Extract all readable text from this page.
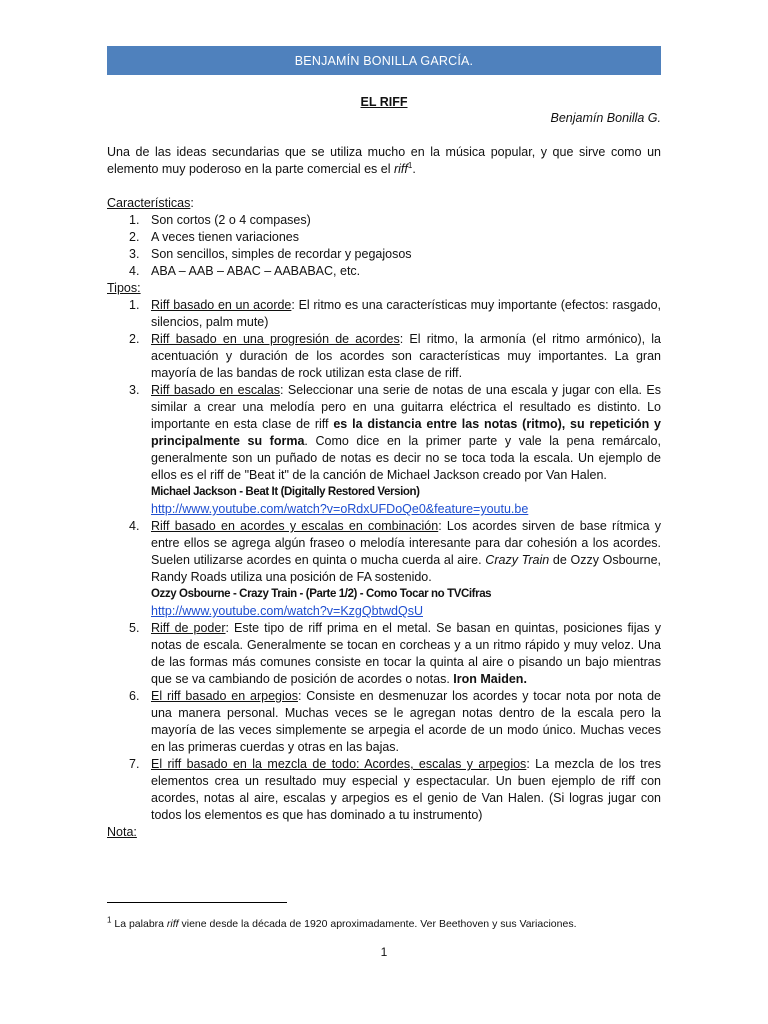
BENJAMÍN BONILLA GARCÍA.
EL RIFF
Benjamín Bonilla G.

Una de las ideas secundarias que se utiliza mucho en la música popular, y que sirve como un elemento muy poderoso en la parte comercial es el riff$^1$.

Características:

1. Son cortos (2 o 4 compases)
2. A veces tienen variaciones
3. Son sencillos, simples de recordar y pegajosos
4. ABA – AAB – ABAC – AABABAC, etc.

Tipos:

1. Riff basado en un acorde: El ritmo es una características muy importante (efectos: rasgado, silencios, palm mute)
2. Riff basado en una progresión de acordes: El ritmo, la armonía (el ritmo armónico), la acentuación y duración de los acordes son características muy importantes. La gran mayoría de las bandas de rock utilizan esta clase de riff.
3. Riff basado en escalas: Seleccionar una serie de notas de una escala y jugar con ella. Es similar a crear una melodía pero en una guitarra eléctrica el resultado es distinto. Lo importante en esta clase de riff es la distancia entre las notas (ritmo), su repetición y principalmente su forma. Como dice en la primer parte y vale la pena remárcalo, generalmente son un puñado de notas es decir no se toca toda la escala. Un ejemplo de ellos es el riff de "Beat it" de la canción de Michael Jackson creado por Van Halen.
Michael Jackson - Beat It (Digitally Restored Version)
http://www.youtube.com/watch?v=oRdxUFDoQe0&feature=youtu.be
4. Riff basado en acordes y escalas en combinación: Los acordes sirven de base rítmica y entre ellos se agrega algún fraseo o melodía interesante para dar cohesión a los acordes. Suelen utilizarse acordes en quinta o mucha cuerda al aire. Crazy Train de Ozzy Osbourne, Randy Roads utiliza una posición de FA sostenido.
Ozzy Osbourne - Crazy Train - (Parte 1/2) - Como Tocar no TVCifras
http://www.youtube.com/watch?v=KzgQbtwdQsU
5. Riff de poder: Este tipo de riff prima en el metal. Se basan en quintas, posiciones fijas y notas de escala. Generalmente se tocan en corcheas y a un ritmo rápido y muy veloz. Una de las formas más comunes consiste en tocar la quinta al aire o pisando un bajo mientras que se va cambiando de posición de acordes o notas. Iron Maiden.
6. El riff basado en arpegios: Consiste en desmenuzar los acordes y tocar nota por nota de una manera personal. Muchas veces se le agregan notas dentro de la escala pero la mayoría de las veces simplemente se arpegia el acorde de un modo único. Muchas veces en las primeras cuerdas y otras en las bajas.
7. El riff basado en la mezcla de todo: Acordes, escalas y arpegios: La mezcla de los tres elementos crea un resultado muy especial y espectacular. Un buen ejemplo de riff con acordes, notas al aire, escalas y arpegios es el genio de Van Halen. (Si logras jugar con todos los elementos es que has dominado a tu instrumento)

Nota:

$^1$ La palabra riff viene desde la década de 1920 aproximadamente. Ver Beethoven y sus Variaciones.
1
